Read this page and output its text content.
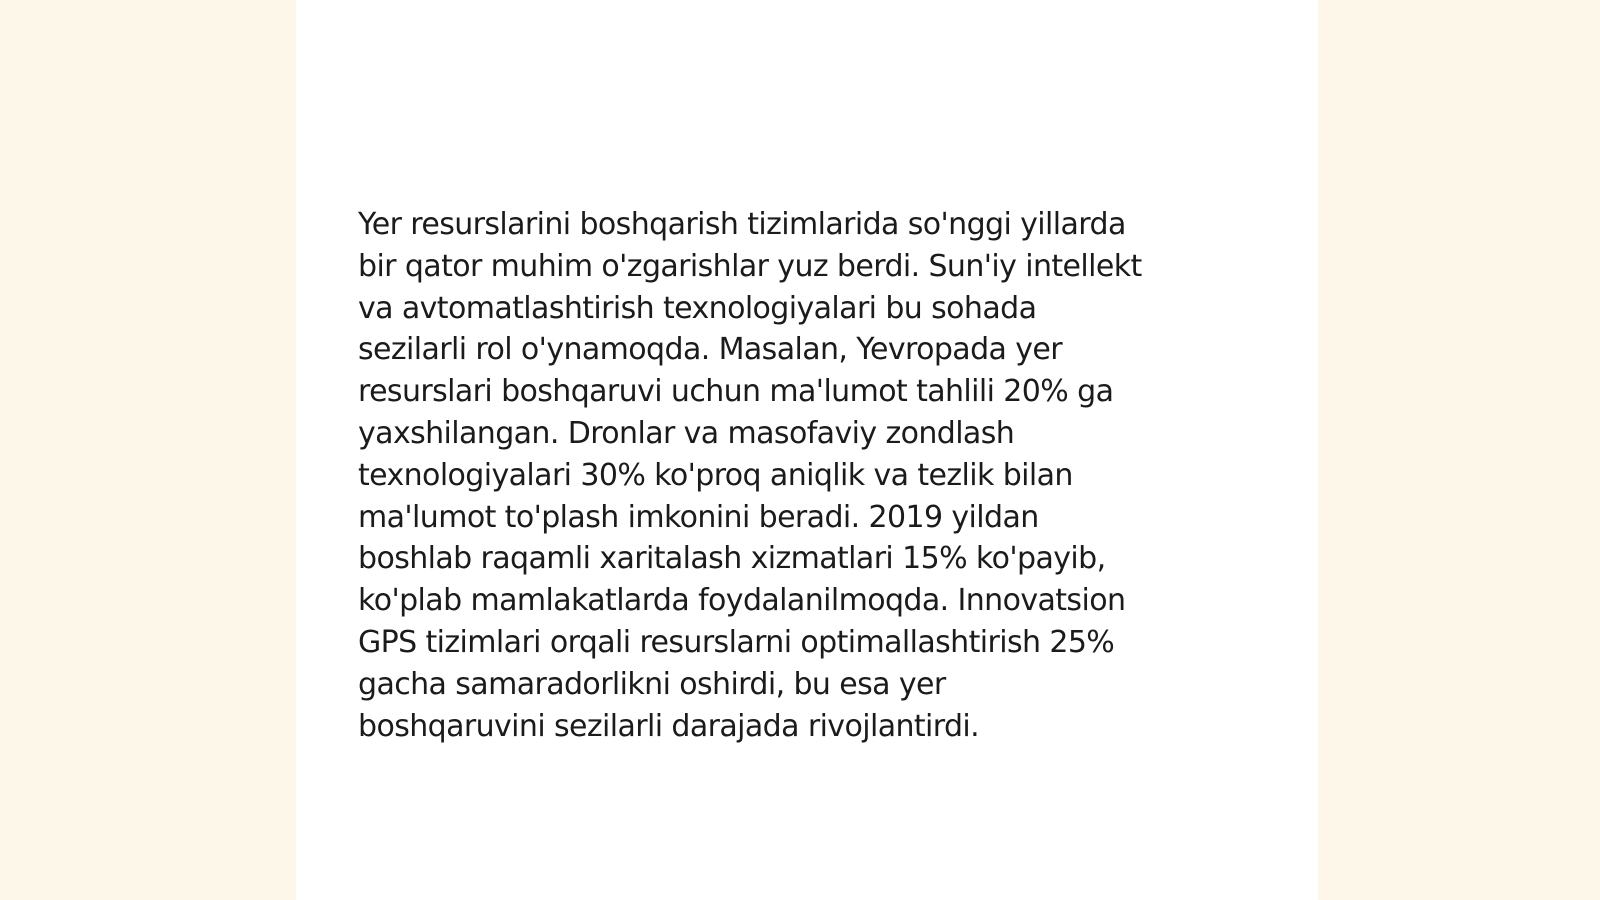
Yer resurslarini boshqarish tizimlarida so'nggi yillarda
bir qator muhim o'zgarishlar yuz berdi. Sun'iy intellekt
va avtomatlashtirish texnologiyalari bu sohada
sezilarli rol o'ynamoqda. Masalan, Yevropada yer
resurslari boshqaruvi uchun ma'lumot tahlili 20% ga
yaxshilangan. Dronlar va masofaviy zondlash
texnologiyalari 30% ko'proq aniqlik va tezlik bilan
ma'lumot to'plash imkonini beradi. 2019 yildan
boshlab raqamli xaritalash xizmatlari 15% ko'payib,
ko'plab mamlakatlarda foydalanilmoqda. Innovatsion
GPS tizimlari orqali resurslarni optimallashtirish 25%
gacha samaradorlikni oshirdi, bu esa yer
boshqaruvini sezilarli darajada rivojlantirdi.
